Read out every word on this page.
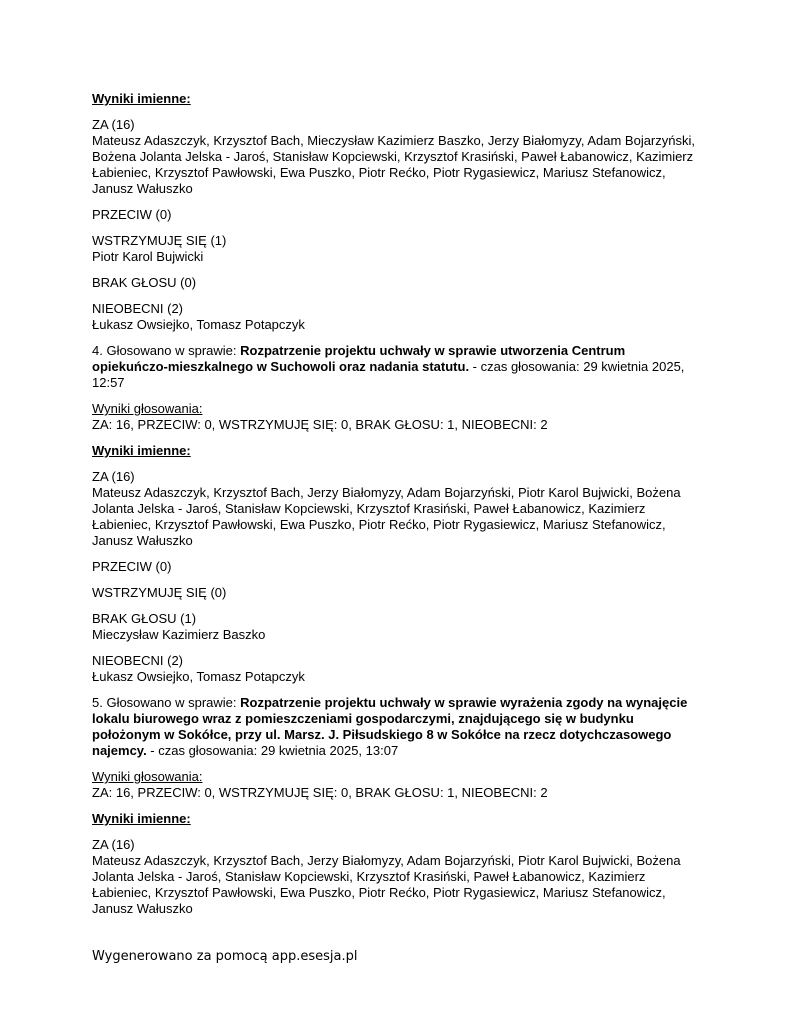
Wyniki imienne:

ZA (16)

Mateusz Adaszczyk, Krzysztof Bach, Mieczysław Kazimierz Baszko, Jerzy Białomyzy, Adam Bojarzyński, Bożena Jolanta Jelska - Jaroś, Stanisław Kopciewski, Krzysztof Krasiński, Paweł Łabanowicz, Kazimierz Łabieniec, Krzysztof Pawłowski, Ewa Puszko, Piotr Rećko, Piotr Rygasiewicz, Mariusz Stefanowicz, Janusz Wałuszko

PRZECIW (0)

WSTRZYMUJĘ SIĘ (1)

Piotr Karol Bujwicki

BRAK GŁOSU (0)

NIEOBECNI (2)

Łukasz Owsiejko, Tomasz Potapczyk

4. Głosowano w sprawie: Rozpatrzenie projektu uchwały w sprawie utworzenia Centrum opiekuńczo-mieszkalnego w Suchowoli oraz nadania statutu. - czas głosowania: 29 kwietnia 2025, 12:57

Wyniki głosowania:

ZA: 16, PRZECIW: 0, WSTRZYMUJĘ SIĘ: 0, BRAK GŁOSU: 1, NIEOBECNI: 2

Wyniki imienne:

ZA (16)

Mateusz Adaszczyk, Krzysztof Bach, Jerzy Białomyzy, Adam Bojarzyński, Piotr Karol Bujwicki, Bożena Jolanta Jelska - Jaroś, Stanisław Kopciewski, Krzysztof Krasiński, Paweł Łabanowicz, Kazimierz Łabieniec, Krzysztof Pawłowski, Ewa Puszko, Piotr Rećko, Piotr Rygasiewicz, Mariusz Stefanowicz, Janusz Wałuszko

PRZECIW (0)

WSTRZYMUJĘ SIĘ (0)

BRAK GŁOSU (1)

Mieczysław Kazimierz Baszko

NIEOBECNI (2)

Łukasz Owsiejko, Tomasz Potapczyk

5. Głosowano w sprawie: Rozpatrzenie projektu uchwały w sprawie wyrażenia zgody na wynajęcie lokalu biurowego wraz z pomieszczeniami gospodarczymi, znajdującego się w budynku położonym w Sokółce, przy ul. Marsz. J. Piłsudskiego 8 w Sokółce na rzecz dotychczasowego najemcy. - czas głosowania: 29 kwietnia 2025, 13:07

Wyniki głosowania:

ZA: 16, PRZECIW: 0, WSTRZYMUJĘ SIĘ: 0, BRAK GŁOSU: 1, NIEOBECNI: 2

Wyniki imienne:

ZA (16)

Mateusz Adaszczyk, Krzysztof Bach, Jerzy Białomyzy, Adam Bojarzyński, Piotr Karol Bujwicki, Bożena Jolanta Jelska - Jaroś, Stanisław Kopciewski, Krzysztof Krasiński, Paweł Łabanowicz, Kazimierz Łabieniec, Krzysztof Pawłowski, Ewa Puszko, Piotr Rećko, Piotr Rygasiewicz, Mariusz Stefanowicz, Janusz Wałuszko

Wygenerowano za pomocą app.esesja.pl
